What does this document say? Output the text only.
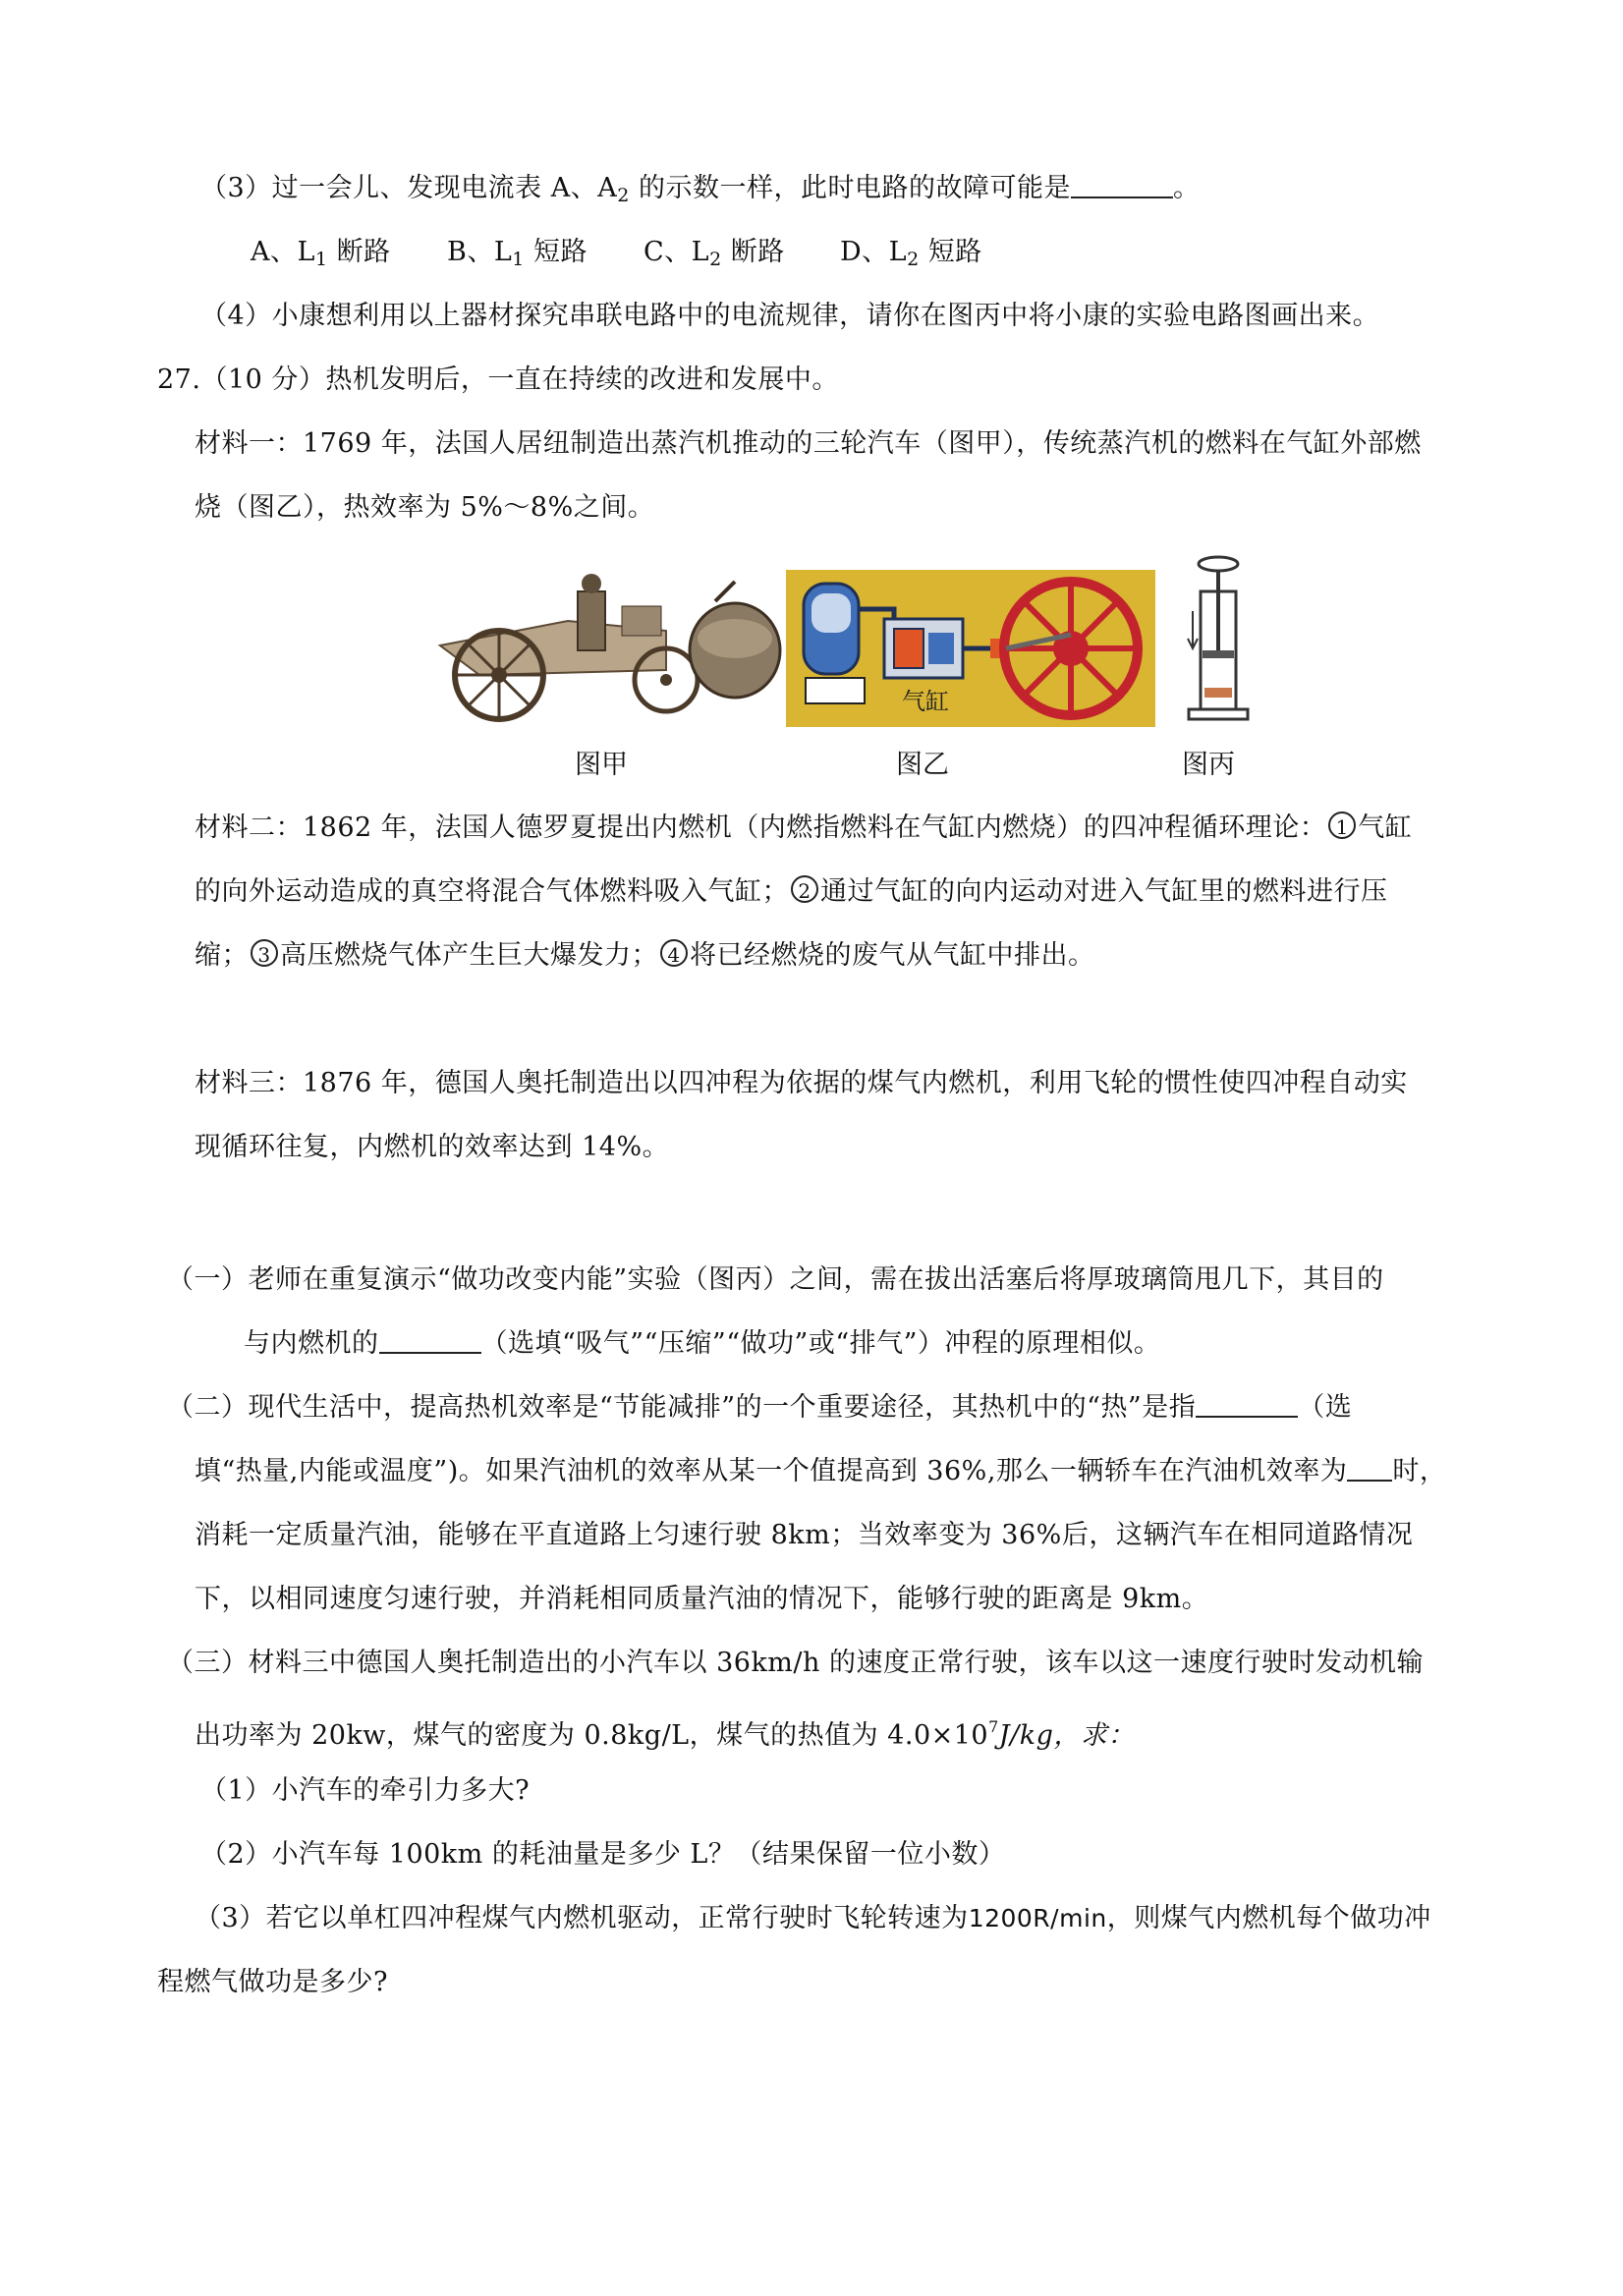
（3）过一会儿、发现电流表 A、$A_2$ 的示数一样，此时电路的故障可能是	。
A、$L_1$ 断路 B、$L_1$ 短路 C、$L_2$ 断路 D、$L_2$ 短路
（4）小康想利用以上器材探究串联电路中的电流规律，请你在图丙中将小康的实验电路图画出来。
27.（10 分）热机发明后，一直在持续的改进和发展中。
材料一：1769 年，法国人居纽制造出蒸汽机推动的三轮汽车（图甲），传统蒸汽机的燃料在气缸外部燃
烧（图乙），热效率为 5%～8%之间。
气缸
图甲	图乙	图丙
材料二：1862 年，法国人德罗夏提出内燃机（内燃指燃料在气缸内燃烧）的四冲程循环理论： 1 气缸
的向外运动造成的真空将混合气体燃料吸入气缸； 2 通过气缸的向内运动对进入气缸里的燃料进行压
缩； 3 高压燃烧气体产生巨大爆发力； 4 将已经燃烧的废气从气缸中排出。
材料三：1876 年，德国人奥托制造出以四冲程为依据的煤气内燃机，利用飞轮的惯性使四冲程自动实
现循环往复，内燃机的效率达到 14%。
（一）老师在重复演示“做功改变内能”实验（图丙）之间，需在拔出活塞后将厚玻璃筒甩几下，其目的
与内燃机的	（选填“吸气”“压缩”“做功”或“排气”）冲程的原理相似。
（二）现代生活中，提高热机效率是“节能减排”的一个重要途径，其热机中的“热”是指	（选
填“热量,内能或温度”)。如果汽油机的效率从某一个值提高到 36%,那么一辆轿车在汽油机效率为 时，
消耗一定质量汽油，能够在平直道路上匀速行驶 8km；当效率变为 36%后，这辆汽车在相同道路情况
下，以相同速度匀速行驶，并消耗相同质量汽油的情况下，能够行驶的距离是 9km。
（三）材料三中德国人奥托制造出的小汽车以 36km/h 的速度正常行驶，该车以这一速度行驶时发动机输
出功率为 20kw，煤气的密度为 0.8kg/L，煤气的热值为 $4.0\times 10^7J/kg$，求：
（1）小汽车的牵引力多大?
（2）小汽车每 100km 的耗油量是多少 L？（结果保留一位小数）
（3）若它以单杠四冲程煤气内燃机驱动，正常行驶时飞轮转速为1200R/min，则煤气内燃机每个做功冲
程燃气做功是多少?
